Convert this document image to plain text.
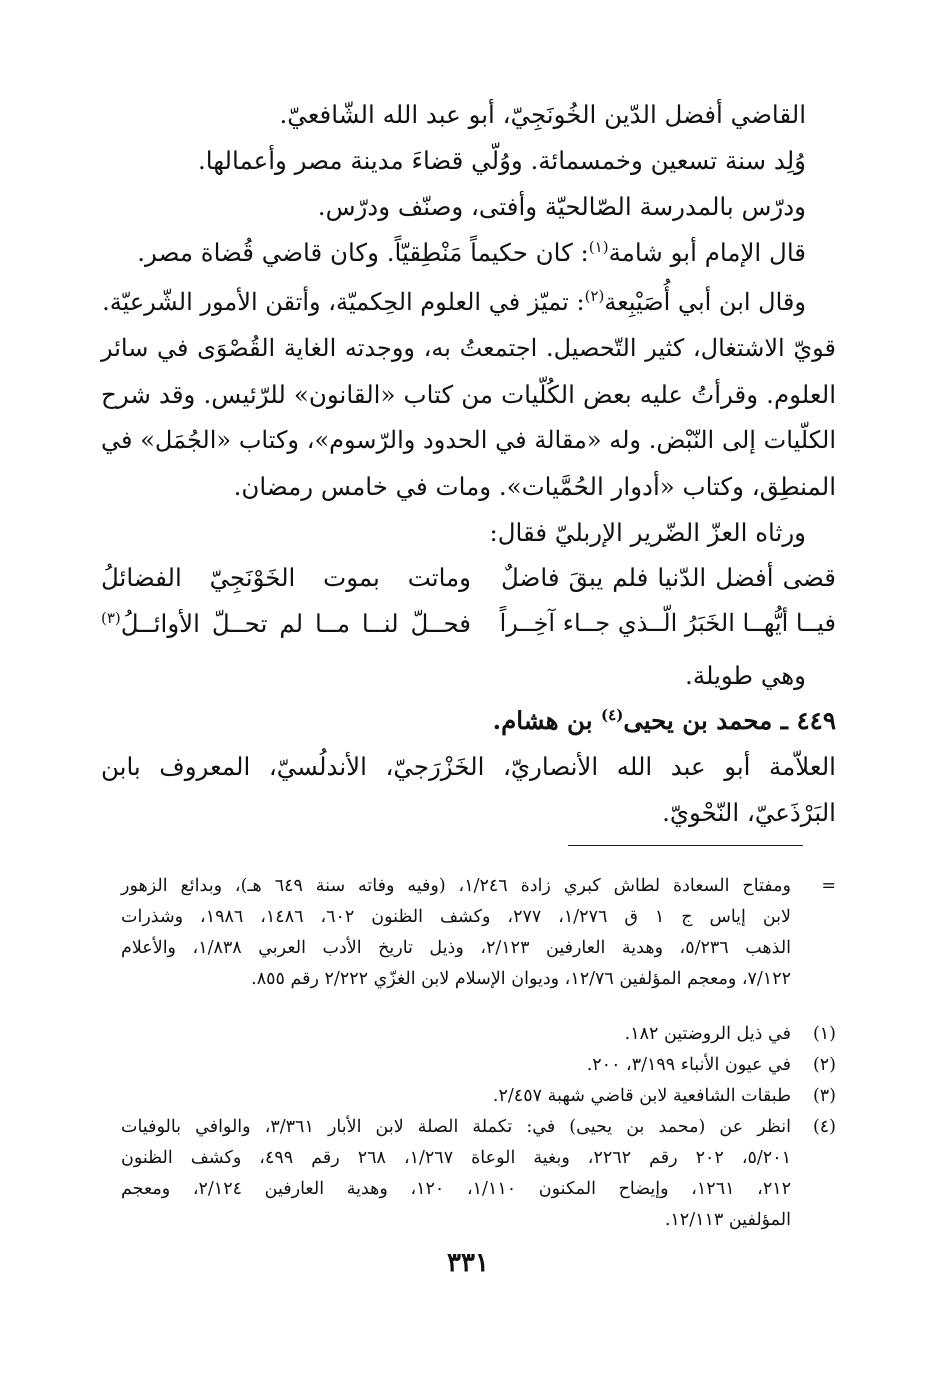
القاضي أفضل الدّين الخُونَجِيّ، أبو عبد الله الشّافعيّ.
وُلِد سنة تسعين وخمسمائة. ووُلّي قضاءَ مدينة مصر وأعمالها.
ودرّس بالمدرسة الصّالحيّة وأفتى، وصنّف ودرّس.
قال الإمام أبو شامة$^{(١)}$: كان حكيماً مَنْطِقيّاً. وكان قاضي قُضاة مصر.
وقال ابن أبي أُصَيْبِعة$^{(٢)}$: تميّز في العلوم الحِكميّة، وأتقن الأمور الشّرعيّة.
قويّ الاشتغال، كثير التّحصيل. اجتمعتُ به، ووجدته الغاية القُصْوَى في سائر
العلوم. وقرأتُ عليه بعض الكُلّيات من كتاب «القانون» للرّئيس. وقد شرح
الكلّيات إلى النّبْض. وله «مقالة في الحدود والرّسوم»، وكتاب «الجُمَل» في
المنطِق، وكتاب «أدوار الحُمَّيات». ومات في خامس رمضان.
ورثاه العزّ الضّرير الإربليّ فقال:
قضى أفضل الدّنيا فلم يبقَ فاضلٌ
وماتت بموت الخَوْنَجِيّ الفضائلُ
فيــا أيُّهــا الخَبَرُ الّــذي جــاء آخِــراً
فحــلّ لنــا مــا لم تحــلّ الأوائــلُ$^{(٣)}$
وهي طويلة.
٤٤٩ ـ محمد بن يحيى$^{(٤)}$ بن هشام.
العلاّمة أبو عبد الله الأنصاريّ، الخَزْرَجيّ، الأندلُسيّ، المعروف بابن
البَرْذَعيّ، النّحْويّ.
=
ومفتاح السعادة لطاش كبري زادة ١/٢٤٦، (وفيه وفاته سنة ٦٤٩ هـ)، وبدائع الزهور
لابن إياس ج ١ ق ١/٢٧٦، ٢٧٧، وكشف الظنون ٦٠٢، ١٤٨٦، ١٩٨٦، وشذرات
الذهب ٥/٢٣٦، وهدية العارفين ٢/١٢٣، وذيل تاريخ الأدب العربي ١/٨٣٨، والأعلام
٧/١٢٢، ومعجم المؤلفين ١٢/٧٦، وديوان الإسلام لابن الغزّي ٢/٢٢٢ رقم ٨٥٥.
(١)
في ذيل الروضتين ١٨٢.
(٢)
في عيون الأنباء ٣/١٩٩، ٢٠٠.
(٣)
طبقات الشافعية لابن قاضي شهبة ٢/٤٥٧.
(٤)
انظر عن (محمد بن يحيى) في: تكملة الصلة لابن الأبار ٣/٣٦١، والوافي بالوفيات
٥/٢٠١، ٢٠٢ رقم ٢٢٦٢، وبغية الوعاة ١/٢٦٧، ٢٦٨ رقم ٤٩٩، وكشف الظنون
٢١٢، ١٢٦١، وإيضاح المكنون ١/١١٠، ١٢٠، وهدية العارفين ٢/١٢٤، ومعجم
المؤلفين ١٢/١١٣.
٣٣١
